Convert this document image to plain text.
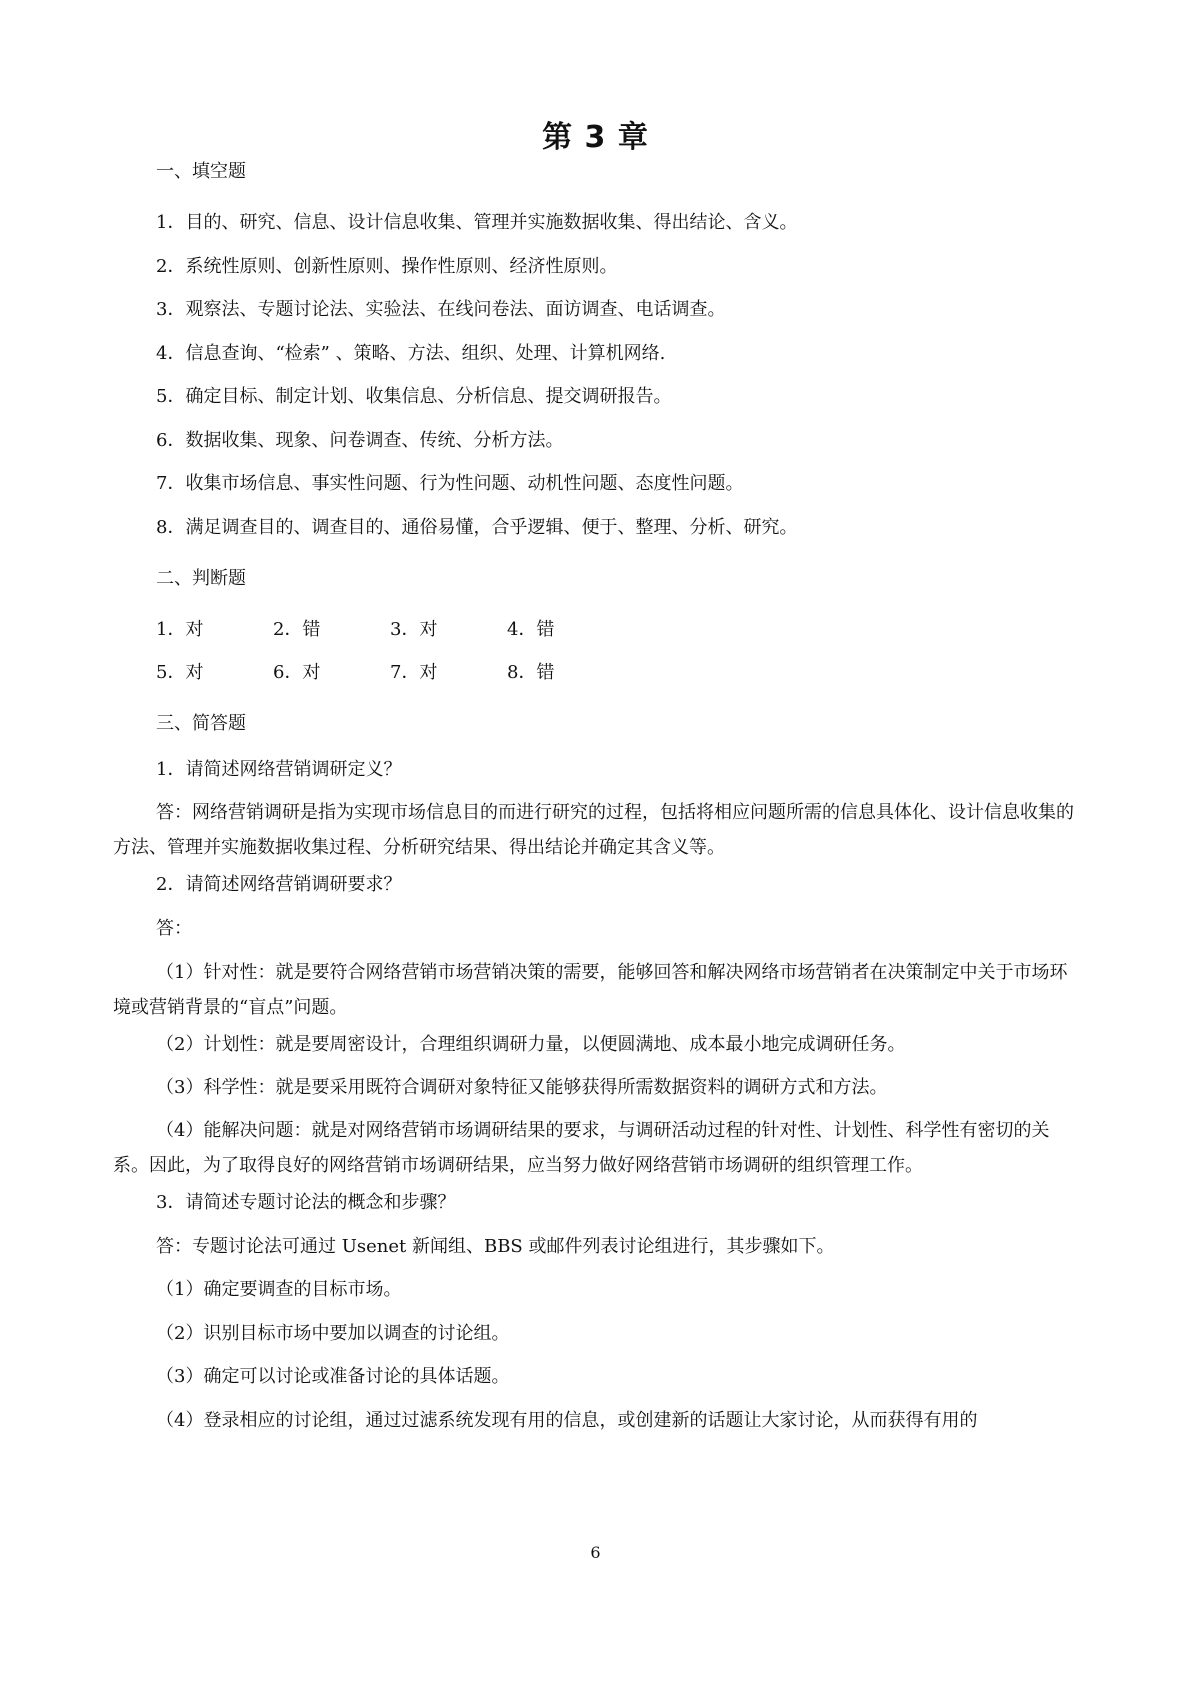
第 3 章
一、填空题
1．目的、研究、信息、设计信息收集、管理并实施数据收集、得出结论、含义。
2．系统性原则、创新性原则、操作性原则、经济性原则。
3．观察法、专题讨论法、实验法、在线问卷法、面访调查、电话调查。
4．信息查询、“检索” 、策略、方法、组织、处理、计算机网络.
5．确定目标、制定计划、收集信息、分析信息、提交调研报告。
6．数据收集、现象、问卷调查、传统、分析方法。
7．收集市场信息、事实性问题、行为性问题、动机性问题、态度性问题。
8．满足调查目的、调查目的、通俗易懂，合乎逻辑、便于、整理、分析、研究。
二、判断题
1．对	2．错	3．对	4．错
5．对	6．对	7．对	8．错
三、简答题
1．请简述网络营销调研定义？
答：网络营销调研是指为实现市场信息目的而进行研究的过程，包括将相应问题所需的信息具体化、设计信息收集的方法、管理并实施数据收集过程、分析研究结果、得出结论并确定其含义等。
2．请简述网络营销调研要求？
答：
（1）针对性：就是要符合网络营销市场营销决策的需要，能够回答和解决网络市场营销者在决策制定中关于市场环境或营销背景的“盲点”问题。
（2）计划性：就是要周密设计，合理组织调研力量，以便圆满地、成本最小地完成调研任务。
（3）科学性：就是要采用既符合调研对象特征又能够获得所需数据资料的调研方式和方法。
（4）能解决问题：就是对网络营销市场调研结果的要求，与调研活动过程的针对性、计划性、科学性有密切的关系。因此，为了取得良好的网络营销市场调研结果，应当努力做好网络营销市场调研的组织管理工作。
3．请简述专题讨论法的概念和步骤？
答：专题讨论法可通过 Usenet 新闻组、BBS 或邮件列表讨论组进行，其步骤如下。
（1）确定要调查的目标市场。
（2）识别目标市场中要加以调查的讨论组。
（3）确定可以讨论或准备讨论的具体话题。
（4）登录相应的讨论组，通过过滤系统发现有用的信息，或创建新的话题让大家讨论，从而获得有用的
6
